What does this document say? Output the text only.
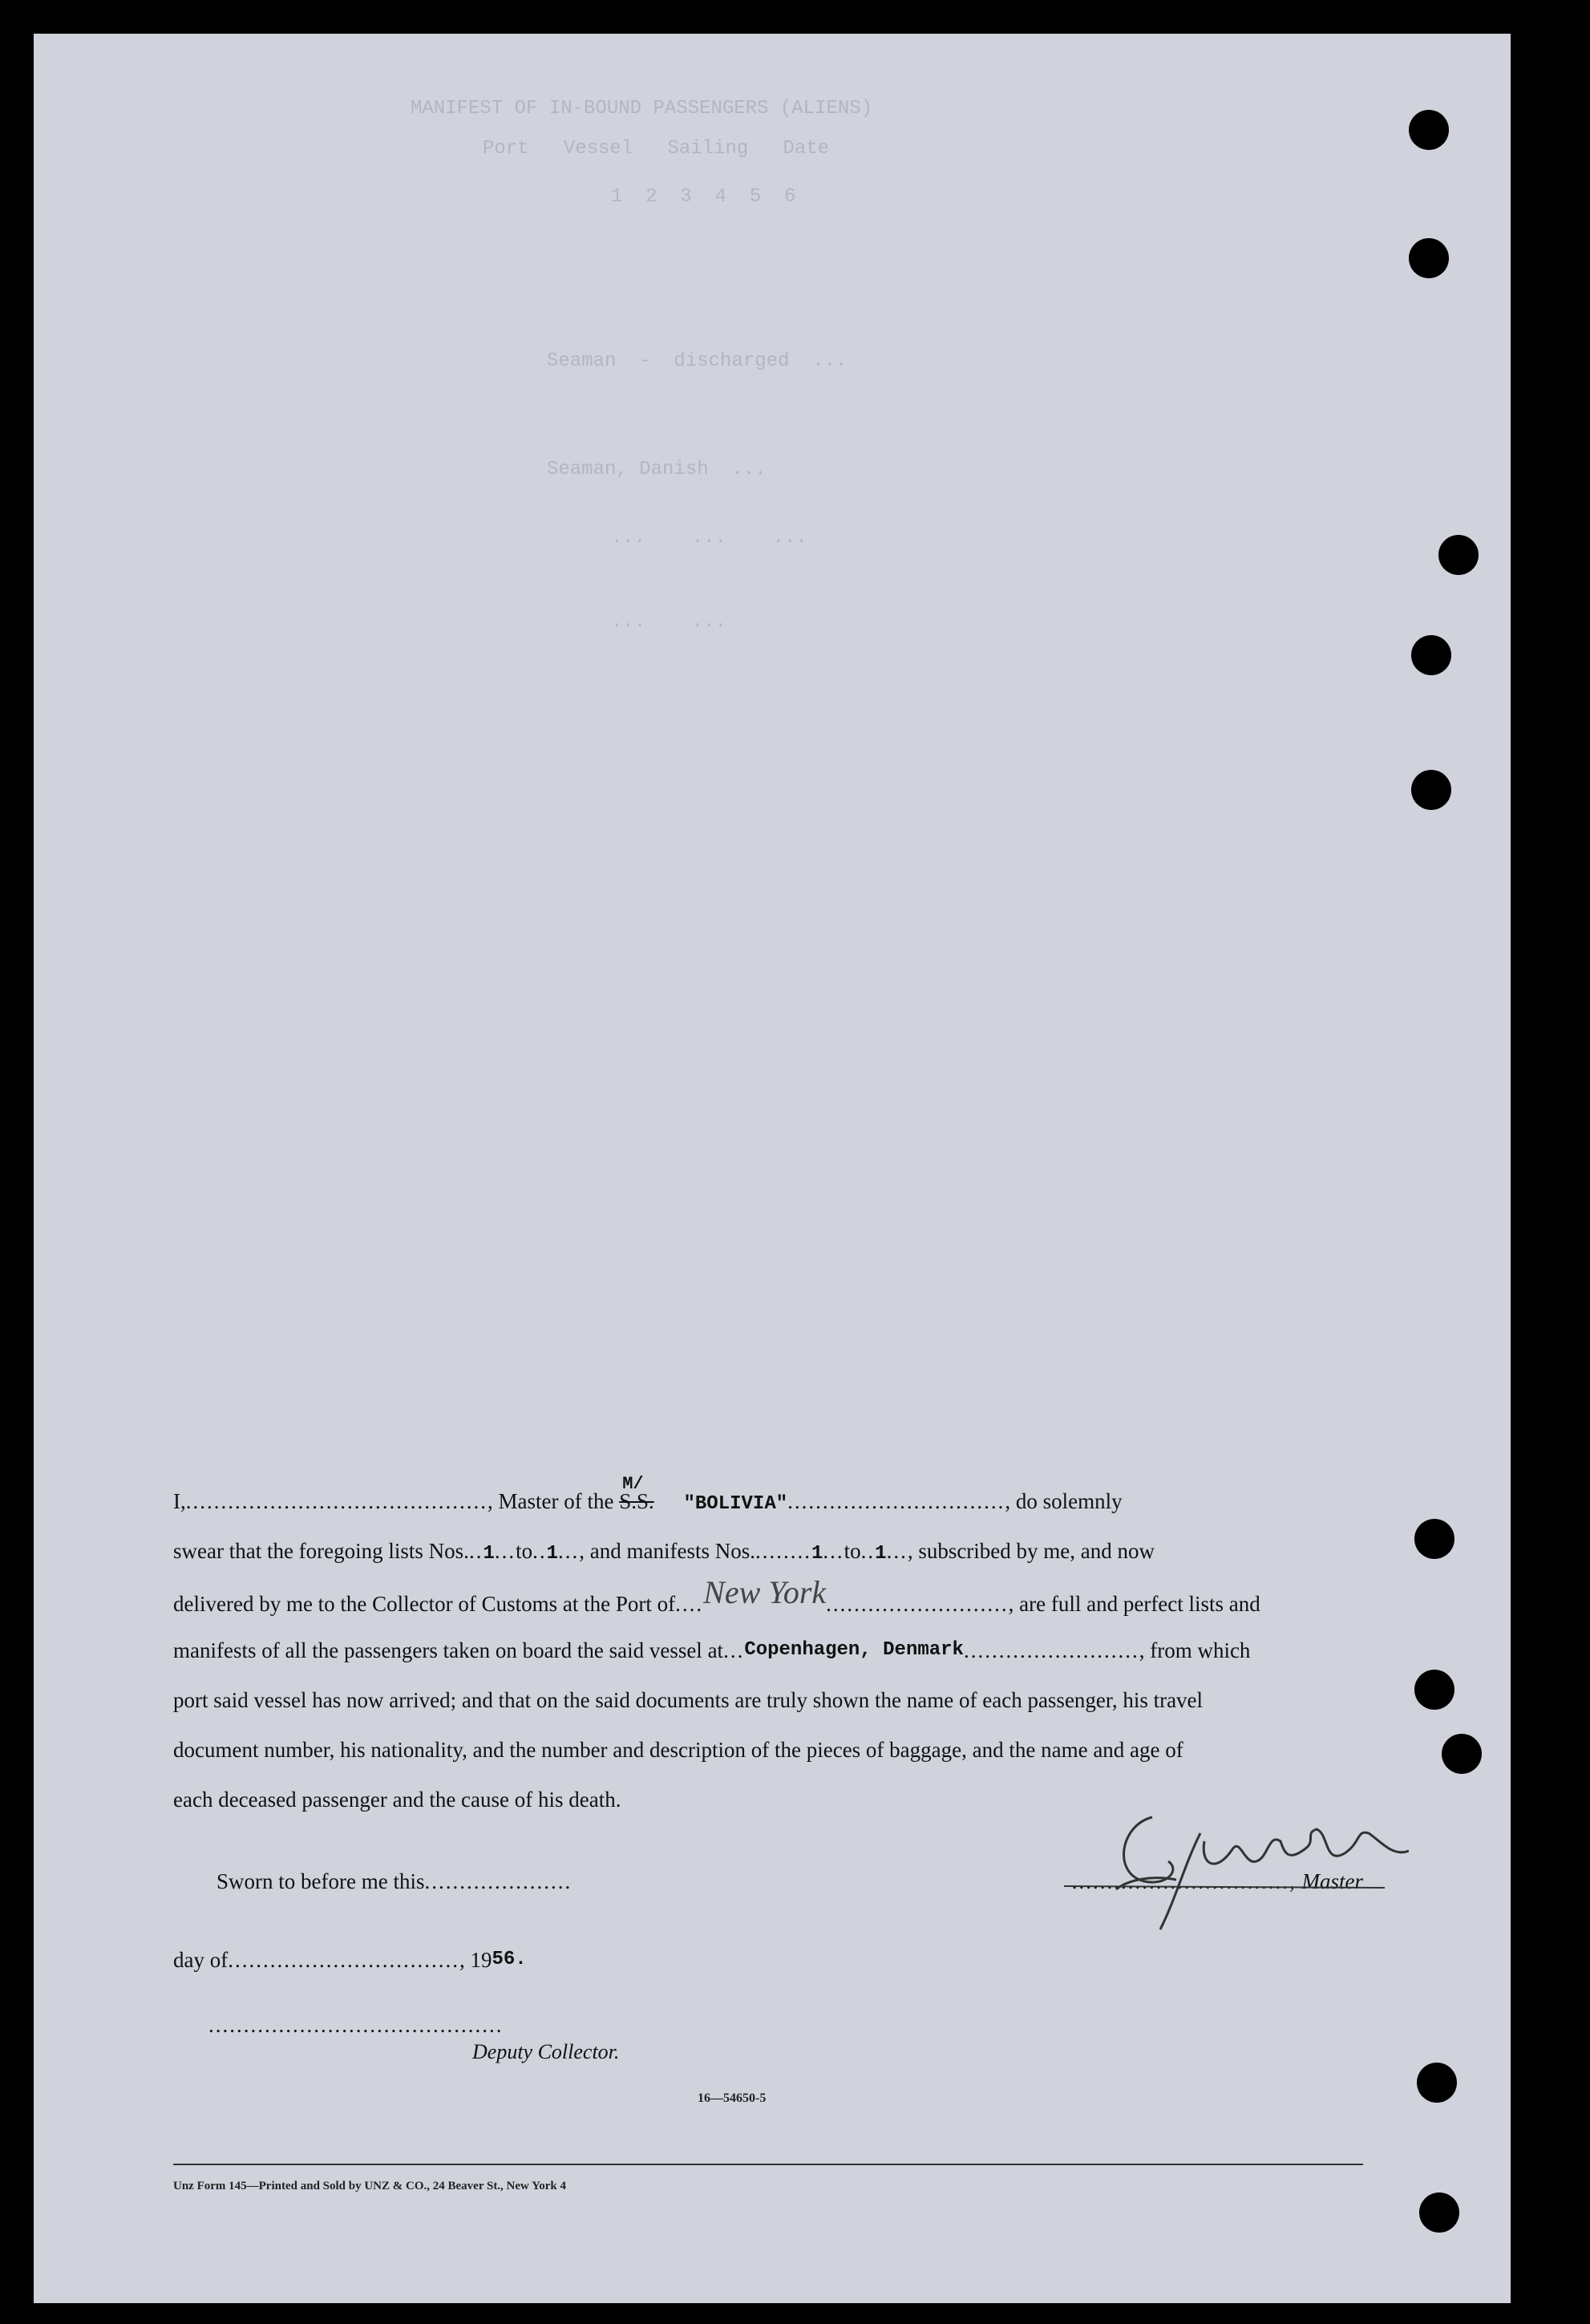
MANIFEST OF IN-BOUND PASSENGERS (ALIENS)
Port   Vessel   Sailing   Date
1  2  3  4  5  6
Seaman  -  discharged  ...
Seaman, Danish  ...
...    ...    ...
...    ...
I,..........................................., Master of the S.S.
M/
"BOLIVIA"..............................., do solemnly
swear that the foregoing lists Nos...1...to..1..., and manifests Nos.........1...to..1..., subscribed by me, and now
delivered by me to the Collector of Customs at the Port of....New York.........................., are full and perfect lists and
manifests of all the passengers taken on board the said vessel at...Copenhagen, Denmark........................., from which
port said vessel has now arrived; and that on the said documents are truly shown the name of each passenger, his travel
document number, his nationality, and the number and description of the pieces of baggage, and the name and age of
each deceased passenger and the cause of his death.
Sworn to before me this.....................	..............................., Master
day of ................................. , 19 56.
..........................................
Deputy Collector.
16—54650-5
Unz Form 145—Printed and Sold by UNZ & CO., 24 Beaver St., New York 4
